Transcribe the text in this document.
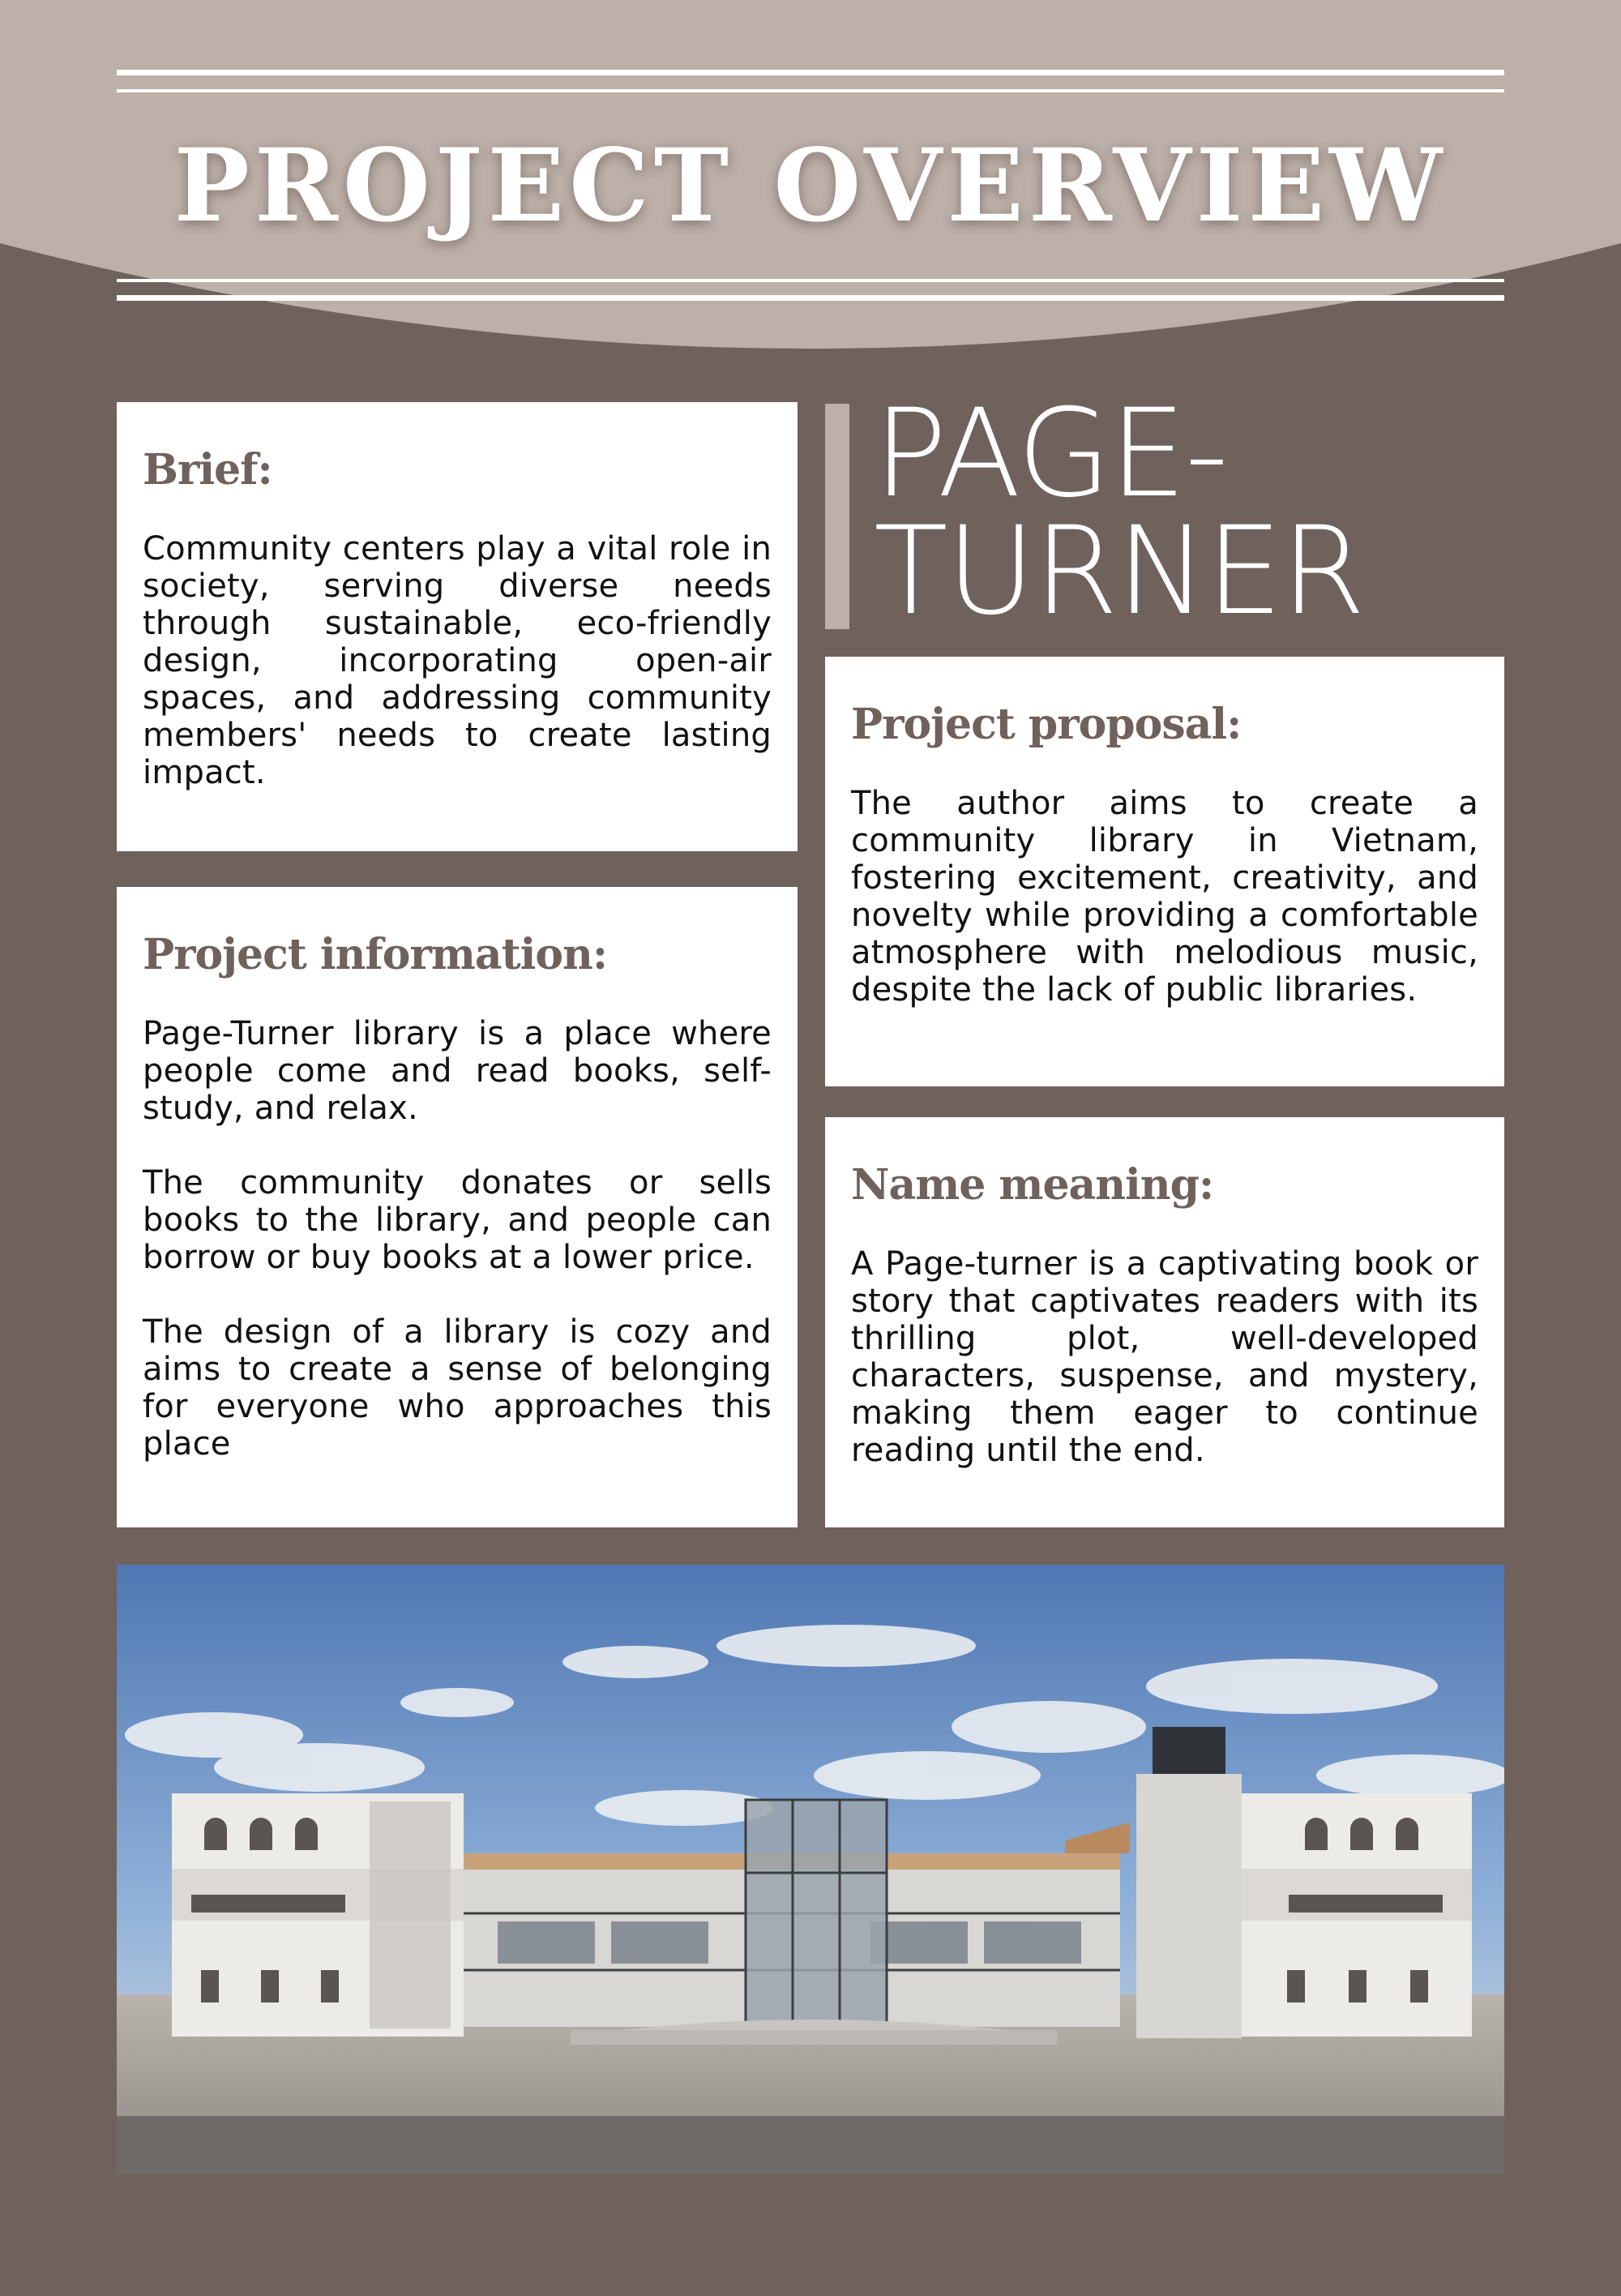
PROJECT OVERVIEW
Brief:

Community centers play a vital role in society, serving diverse needs through sustainable, eco-friendly design, incorporating open-air spaces, and addressing community members' needs to create lasting impact.

PAGE-
TURNER
Project proposal:

The author aims to create a community library in Vietnam, fostering excitement, creativity, and novelty while providing a comfortable atmosphere with melodious music, despite the lack of public libraries.

Project information:

Page-Turner library is a place where people come and read books, self-study, and relax.

The community donates or sells books to the library, and people can borrow or buy books at a lower price.

The design of a library is cozy and aims to create a sense of belonging for everyone who approaches this place

Name meaning:

A Page-turner is a captivating book or story that captivates readers with its thrilling plot, well-developed characters, suspense, and mystery, making them eager to continue reading until the end.
